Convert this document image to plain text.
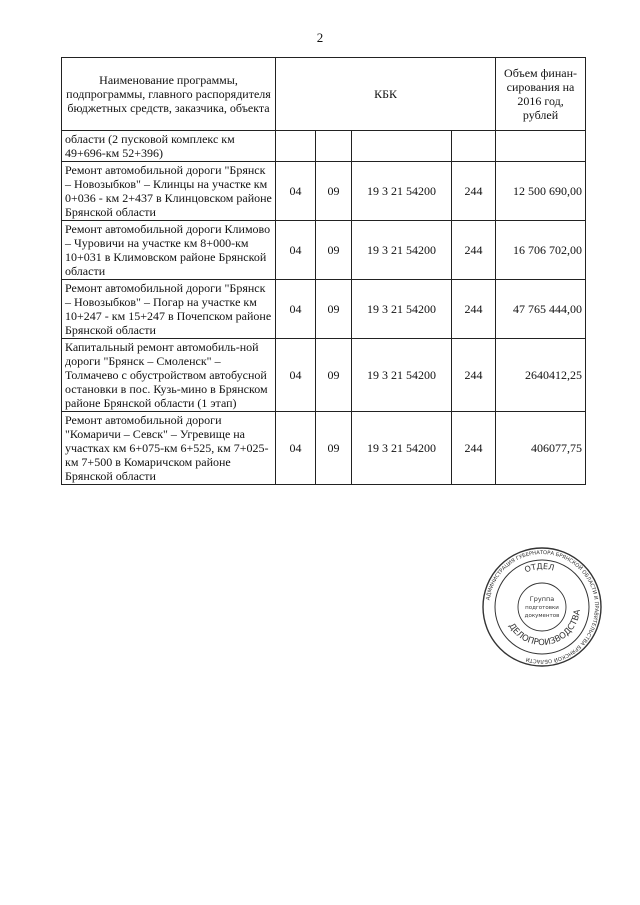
2
Наименование программы, подпрограммы, главного распорядителя бюджетных средств, заказчика, объекта	КБК				Объем финан-сирования на 2016 год, рублей
области (2 пусковой комплекс км 49+696-км 52+396)					
Ремонт автомобильной дороги "Брянск – Новозыбков" – Клинцы на участке км 0+036 - км 2+437 в Клинцовском районе Брянской области	04	09	19 3 21 54200	244	12 500 690,00
Ремонт автомобильной дороги Климово – Чуровичи на участке км 8+000-км 10+031 в Климовском районе Брянской области	04	09	19 3 21 54200	244	16 706 702,00
Ремонт автомобильной дороги "Брянск – Новозыбков" – Погар на участке км 10+247 - км 15+247 в Почепском районе Брянской области	04	09	19 3 21 54200	244	47 765 444,00
Капитальный ремонт автомобиль-ной дороги "Брянск – Смоленск" – Толмачево с обустройством автобусной остановки в пос. Кузь-мино в Брянском районе Брянской области (1 этап)	04	09	19 3 21 54200	244	2640412,25
Ремонт автомобильной дороги "Комаричи – Севск" – Угревище на участках км 6+075-км 6+525, км 7+025-км 7+500 в Комаричском районе Брянской области	04	09	19 3 21 54200	244	406077,75
АДМИНИСТРАЦИЯ ГУБЕРНАТОРА БРЯНСКОЙ ОБЛАСТИ И ПРАВИТЕЛЬСТВА БРЯНСКОЙ ОБЛАСТИ
ОТДЕЛ
ДЕЛОПРОИЗВОДСТВА
Группа
подготовки
документов
